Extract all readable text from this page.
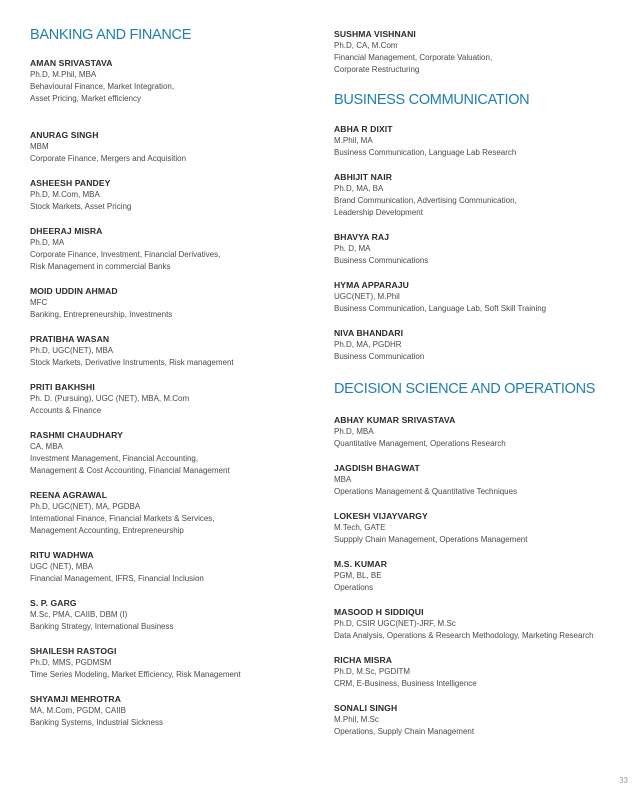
BANKING AND FINANCE
AMAN SRIVASTAVA
Ph.D, M.Phil, MBA
Behavioural Finance, Market Integration,
Asset Pricing, Market efficiency
ANURAG SINGH
MBM
Corporate Finance, Mergers and Acquisition
ASHEESH PANDEY
Ph.D, M.Com, MBA
Stock Markets, Asset Pricing
DHEERAJ MISRA
Ph.D, MA
Corporate Finance, Investment, Financial Derivatives,
Risk Management in commercial Banks
MOID UDDIN AHMAD
MFC
Banking, Entrepreneurship, Investments
PRATIBHA WASAN
Ph.D, UGC(NET), MBA
Stock Markets, Derivative Instruments, Risk management
PRITI BAKHSHI
Ph. D. (Pursuing), UGC (NET), MBA, M.Com
Accounts & Finance
RASHMI CHAUDHARY
CA, MBA
Investment Management, Financial Accounting,
Management & Cost Accounting, Financial Management
REENA AGRAWAL
Ph.D, UGC(NET), MA, PGDBA
International Finance, Financial Markets & Services,
Management Accounting, Entrepreneurship
RITU WADHWA
UGC (NET), MBA
Financial Management, IFRS, Financial Inclusion
S. P. GARG
M.Sc, PMA, CAIIB, DBM (I)
Banking Strategy, International Business
SHAILESH RASTOGI
Ph.D, MMS, PGDMSM
Time Series Modeling, Market Efficiency, Risk Management
SHYAMJI MEHROTRA
MA, M.Com, PGDM, CAIIB
Banking Systems, Industrial Sickness
SUSHMA VISHNANI
Ph.D, CA, M.Com
Financial Management, Corporate Valuation,
Corporate Restructuring
BUSINESS COMMUNICATION
ABHA R DIXIT
M.Phil, MA
Business Communication, Language Lab Research
ABHIJIT NAIR
Ph.D, MA, BA
Brand Communication, Advertising Communication,
Leadership Development
BHAVYA RAJ
Ph. D, MA
Business Communications
HYMA APPARAJU
UGC(NET), M.Phil
Business Communication, Language Lab, Soft Skill Training
NIVA BHANDARI
Ph.D, MA, PGDHR
Business Communication
DECISION SCIENCE AND OPERATIONS
ABHAY KUMAR SRIVASTAVA
Ph.D, MBA
Quantitative Management, Operations Research
JAGDISH BHAGWAT
MBA
Operations Management & Quantitative Techniques
LOKESH VIJAYVARGY
M.Tech, GATE
Suppply Chain Management, Operations Management
M.S. KUMAR
PGM, BL, BE
Operations
MASOOD H SIDDIQUI
Ph.D, CSIR UGC(NET)-JRF, M.Sc
Data Analysis, Operations & Research Methodology, Marketing Research
RICHA MISRA
Ph.D, M.Sc, PGDITM
CRM, E-Business, Business Intelligence
SONALI SINGH
M.Phil, M.Sc
Operations, Supply Chain Management
33
